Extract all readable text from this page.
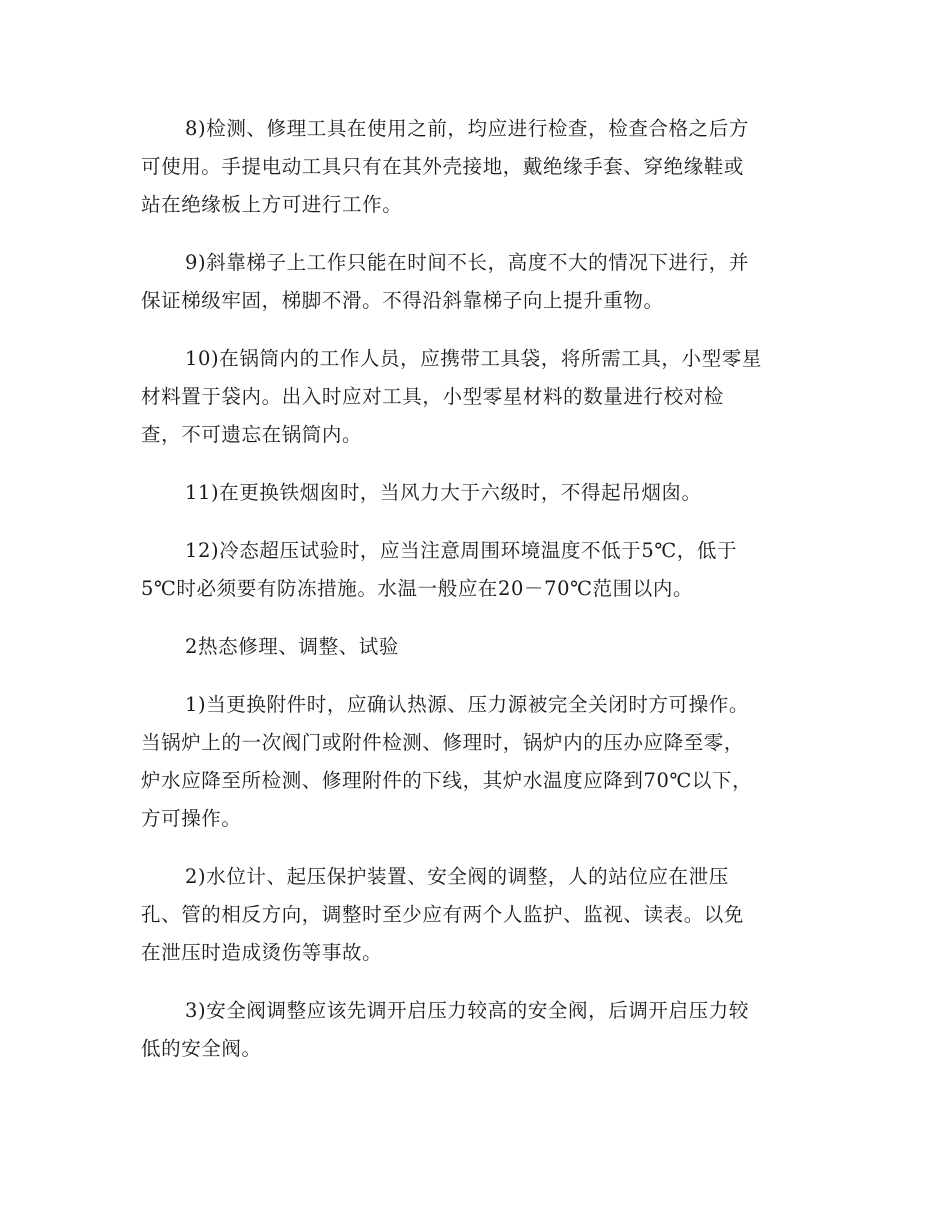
8)检测、修理工具在使用之前，均应进行检查，检查合格之后方
可使用。手提电动工具只有在其外壳接地，戴绝缘手套、穿绝缘鞋或
站在绝缘板上方可进行工作。

9)斜靠梯子上工作只能在时间不长，高度不大的情况下进行，并
保证梯级牢固，梯脚不滑。不得沿斜靠梯子向上提升重物。

10)在锅筒内的工作人员，应携带工具袋，将所需工具，小型零星
材料置于袋内。出入时应对工具，小型零星材料的数量进行校对检
查，不可遗忘在锅筒内。

11)在更换铁烟囱时，当风力大于六级时，不得起吊烟囱。

12)冷态超压试验时，应当注意周围环境温度不低于5℃，低于
5℃时必须要有防冻措施。水温一般应在20－70℃范围以内。

2热态修理、调整、试验

1)当更换附件时，应确认热源、压力源被完全关闭时方可操作。
当锅炉上的一次阀门或附件检测、修理时，锅炉内的压办应降至零，
炉水应降至所检测、修理附件的下线，其炉水温度应降到70℃以下，
方可操作。

2)水位计、起压保护装置、安全阀的调整，人的站位应在泄压
孔、管的相反方向，调整时至少应有两个人监护、监视、读表。以免
在泄压时造成烫伤等事故。

3)安全阀调整应该先调开启压力较高的安全阀，后调开启压力较
低的安全阀。
